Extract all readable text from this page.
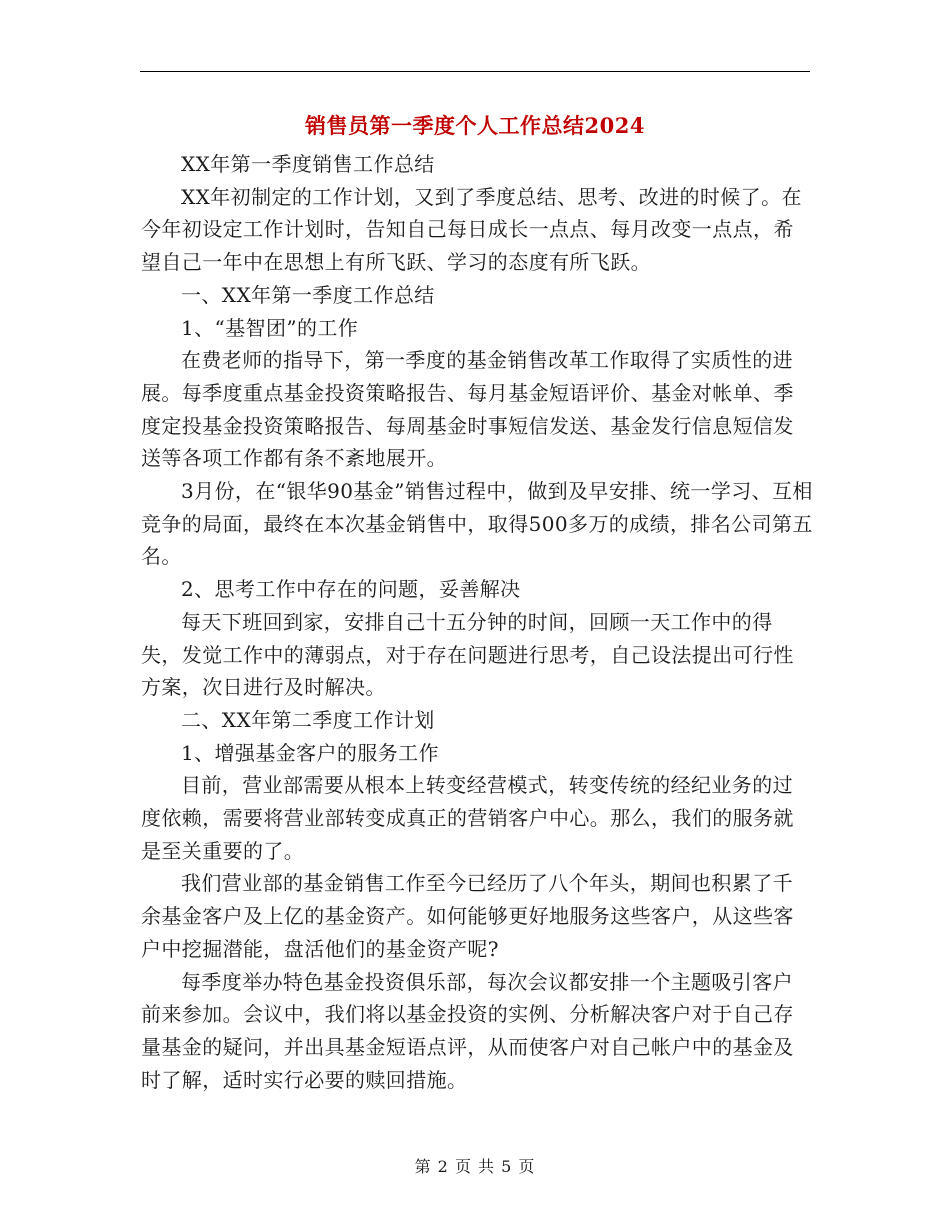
销售员第一季度个人工作总结2024

XX年第一季度销售工作总结

XX年初制定的工作计划，又到了季度总结、思考、改进的时候了。在今年初设定工作计划时，告知自己每日成长一点点、每月改变一点点，希望自己一年中在思想上有所飞跃、学习的态度有所飞跃。

一、XX年第一季度工作总结

1、“基智团”的工作

在费老师的指导下，第一季度的基金销售改革工作取得了实质性的进展。每季度重点基金投资策略报告、每月基金短语评价、基金对帐单、季度定投基金投资策略报告、每周基金时事短信发送、基金发行信息短信发送等各项工作都有条不紊地展开。

3月份，在“银华90基金”销售过程中，做到及早安排、统一学习、互相竞争的局面，最终在本次基金销售中，取得500多万的成绩，排名公司第五名。

2、思考工作中存在的问题，妥善解决

每天下班回到家，安排自己十五分钟的时间，回顾一天工作中的得失，发觉工作中的薄弱点，对于存在问题进行思考，自己设法提出可行性方案，次日进行及时解决。

二、XX年第二季度工作计划

1、增强基金客户的服务工作

目前，营业部需要从根本上转变经营模式，转变传统的经纪业务的过度依赖，需要将营业部转变成真正的营销客户中心。那么，我们的服务就是至关重要的了。

我们营业部的基金销售工作至今已经历了八个年头，期间也积累了千余基金客户及上亿的基金资产。如何能够更好地服务这些客户，从这些客户中挖掘潜能，盘活他们的基金资产呢?

每季度举办特色基金投资俱乐部，每次会议都安排一个主题吸引客户前来参加。会议中，我们将以基金投资的实例、分析解决客户对于自己存量基金的疑问，并出具基金短语点评，从而使客户对自己帐户中的基金及时了解，适时实行必要的赎回措施。

第 2 页 共 5 页
